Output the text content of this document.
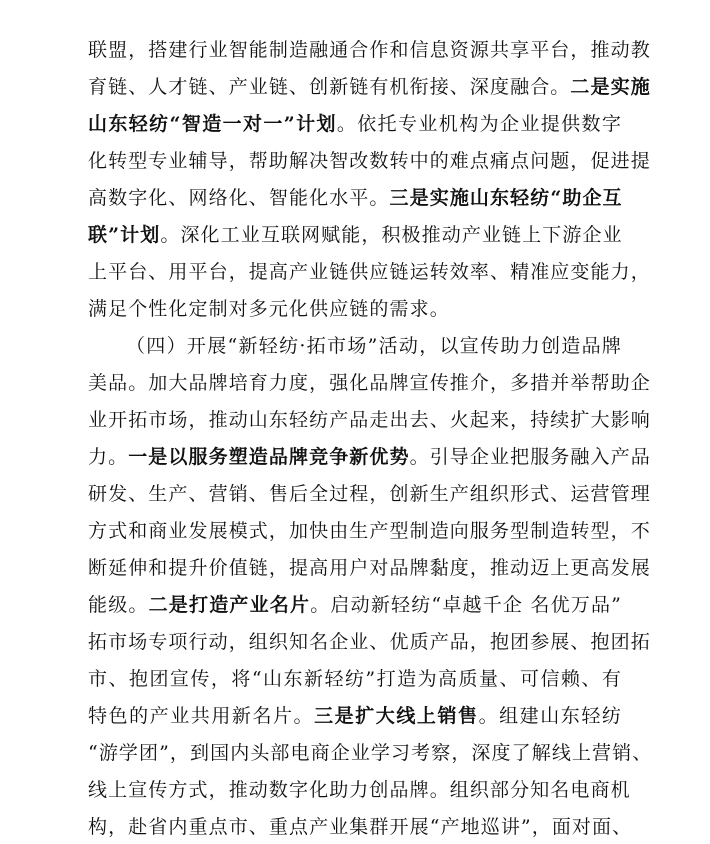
联盟，搭建行业智能制造融通合作和信息资源共享平台，推动教
育链、人才链、产业链、创新链有机衔接、深度融合。二是实施
山东轻纺“智造一对一”计划。依托专业机构为企业提供数字
化转型专业辅导，帮助解决智改数转中的难点痛点问题，促进提
高数字化、网络化、智能化水平。三是实施山东轻纺“助企互
联”计划。深化工业互联网赋能，积极推动产业链上下游企业
上平台、用平台，提高产业链供应链运转效率、精准应变能力，
满足个性化定制对多元化供应链的需求。
（四）开展“新轻纺·拓市场”活动，以宣传助力创造品牌
美品。加大品牌培育力度，强化品牌宣传推介，多措并举帮助企
业开拓市场，推动山东轻纺产品走出去、火起来，持续扩大影响
力。一是以服务塑造品牌竞争新优势。引导企业把服务融入产品
研发、生产、营销、售后全过程，创新生产组织形式、运营管理
方式和商业发展模式，加快由生产型制造向服务型制造转型，不
断延伸和提升价值链，提高用户对品牌黏度，推动迈上更高发展
能级。二是打造产业名片。启动新轻纺“卓越千企 名优万品”
拓市场专项行动，组织知名企业、优质产品，抱团参展、抱团拓
市、抱团宣传，将“山东新轻纺”打造为高质量、可信赖、有
特色的产业共用新名片。三是扩大线上销售。组建山东轻纺
“游学团”，到国内头部电商企业学习考察，深度了解线上营销、
线上宣传方式，推动数字化助力创品牌。组织部分知名电商机
构，赴省内重点市、重点产业集群开展“产地巡讲”，面对面、
